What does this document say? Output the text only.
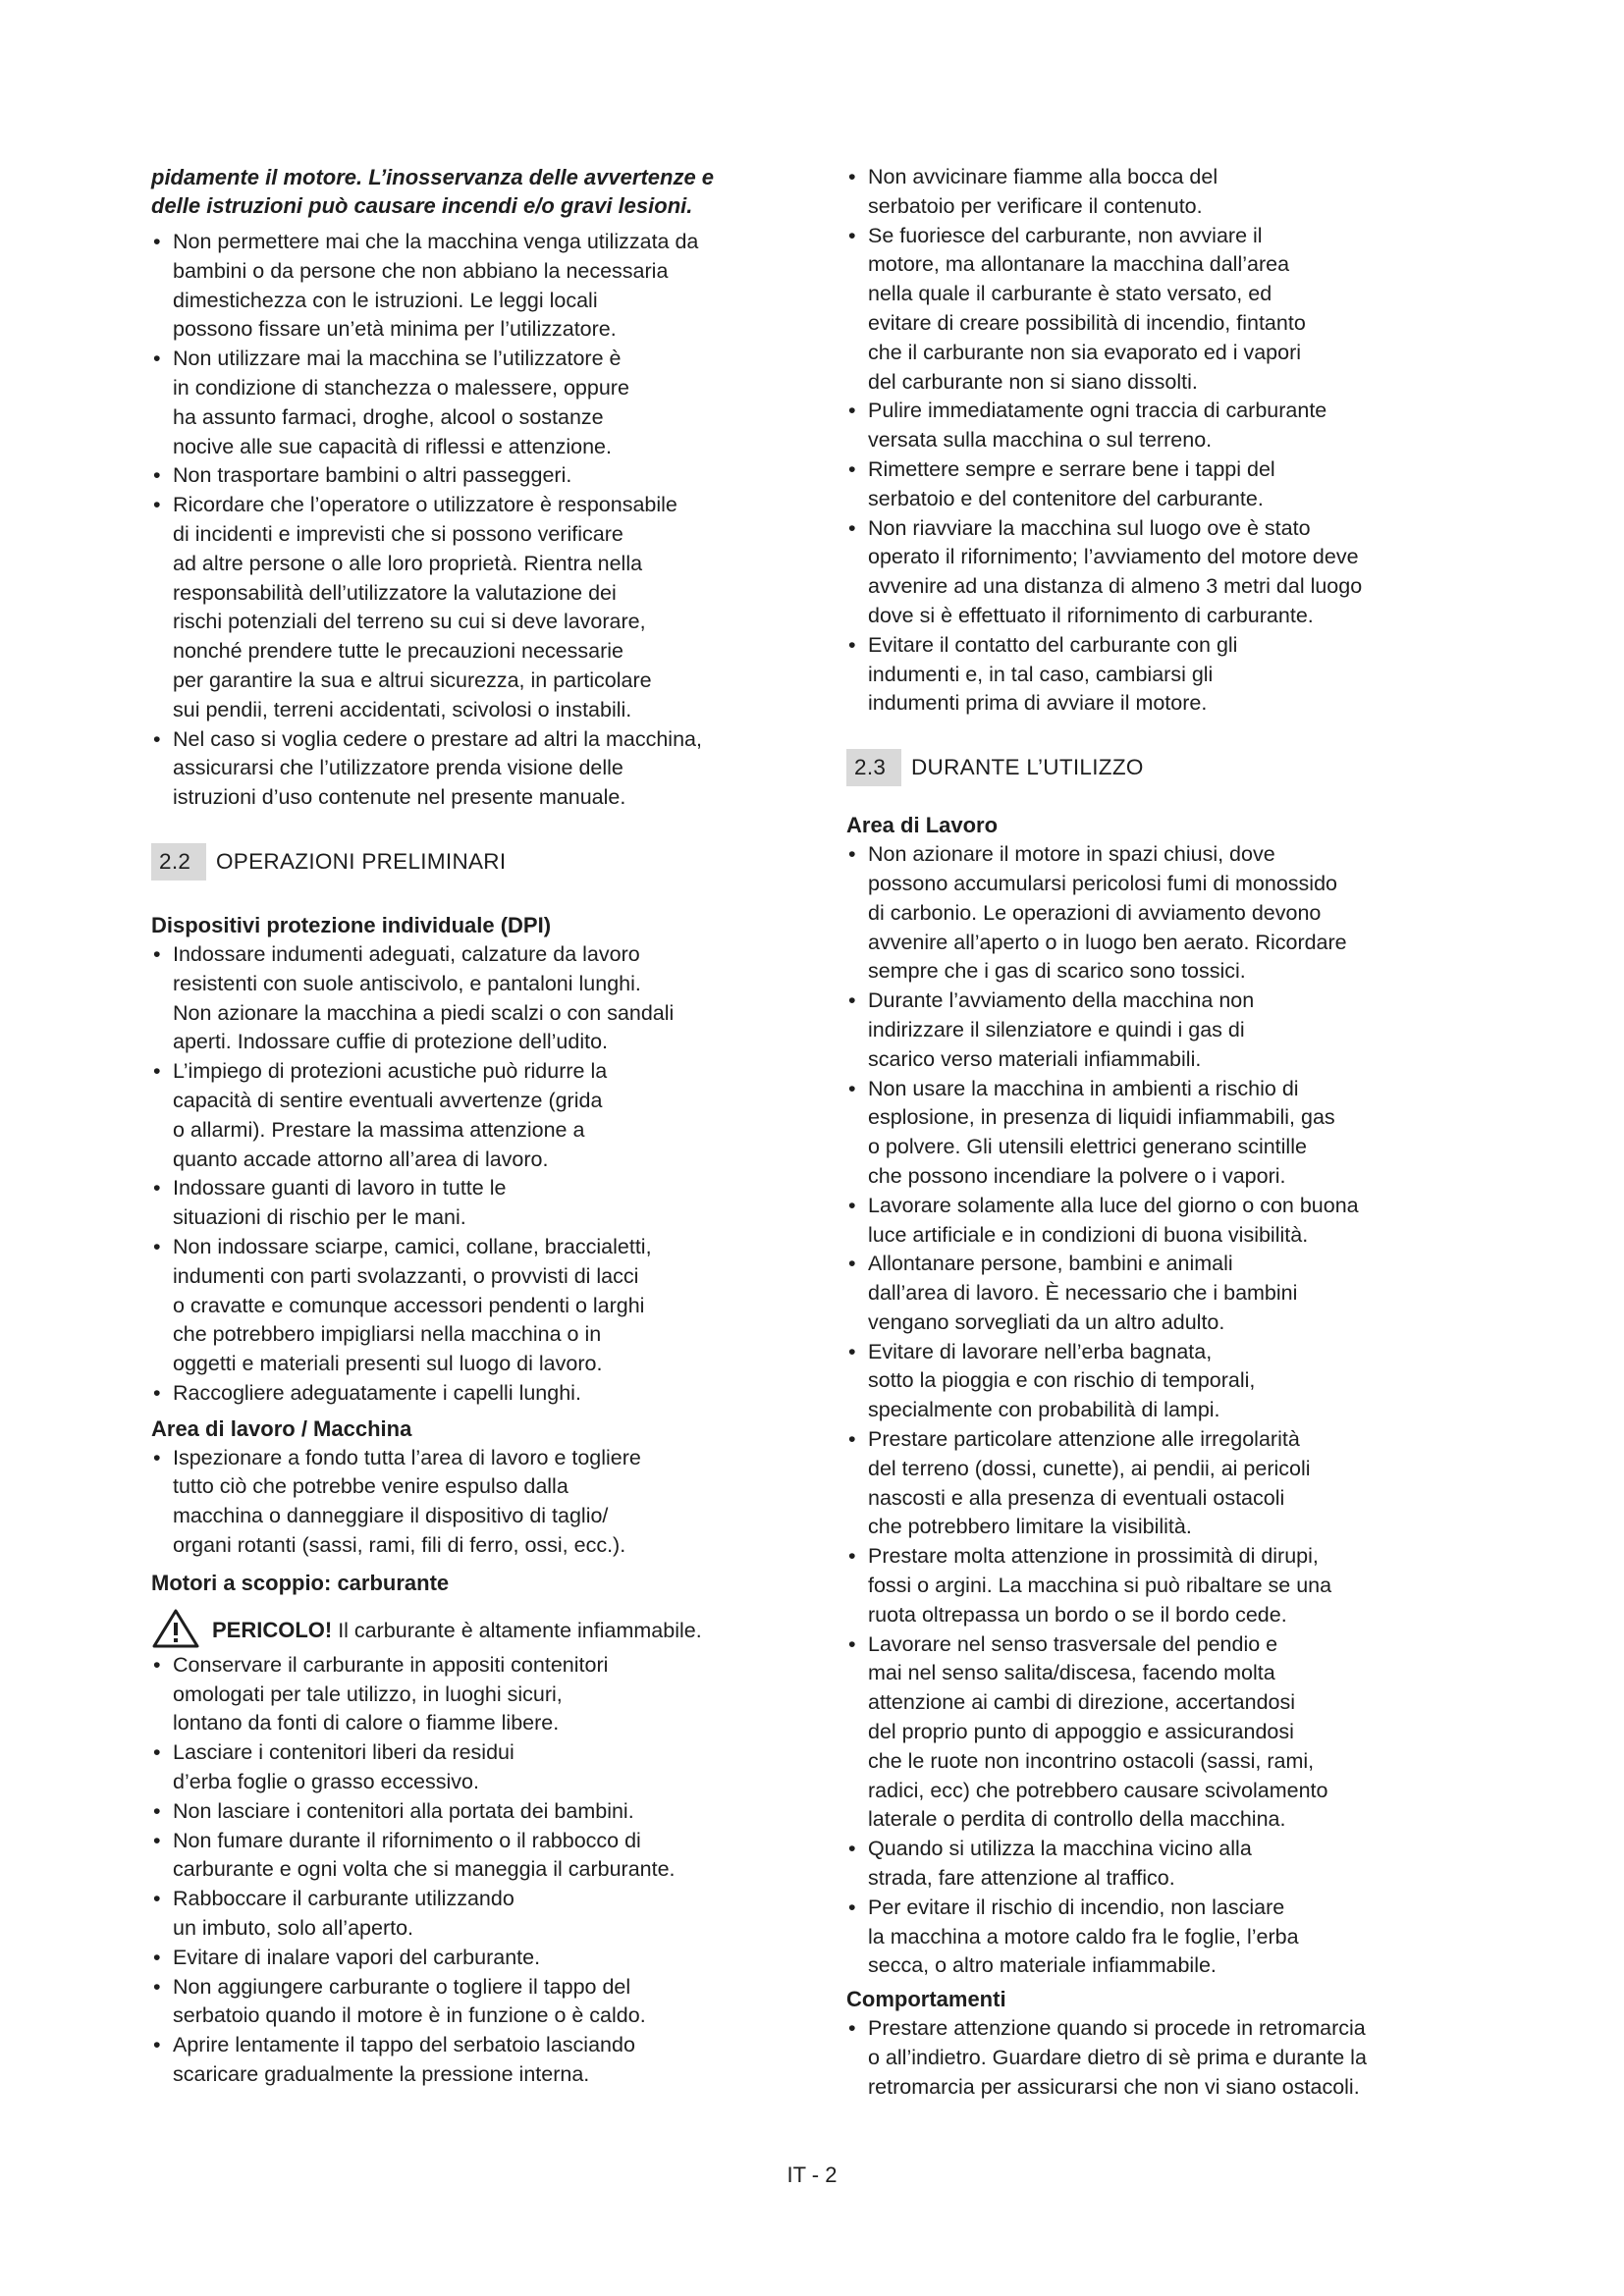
pidamente il motore. L’inosservanza delle avvertenze e
delle istruzioni può causare incendi e/o gravi lesioni.

• Non permettere mai che la macchina venga utilizzata da
bambini o da persone che non abbiano la necessaria
dimestichezza con le istruzioni. Le leggi locali
possono fissare un’età minima per l’utilizzatore.
• Non utilizzare mai la macchina se l’utilizzatore è
in condizione di stanchezza o malessere, oppure
ha assunto farmaci, droghe, alcool o sostanze
nocive alle sue capacità di riflessi e attenzione.
• Non trasportare bambini o altri passeggeri.
• Ricordare che l’operatore o utilizzatore è responsabile
di incidenti e imprevisti che si possono verificare
ad altre persone o alle loro proprietà. Rientra nella
responsabilità dell’utilizzatore la valutazione dei
rischi potenziali del terreno su cui si deve lavorare,
nonché prendere tutte le precauzioni necessarie
per garantire la sua e altrui sicurezza, in particolare
sui pendii, terreni accidentati, scivolosi o instabili.
• Nel caso si voglia cedere o prestare ad altri la macchina,
assicurarsi che l’utilizzatore prenda visione delle
istruzioni d’uso contenute nel presente manuale.
2.2	OPERAZIONI PRELIMINARI

Dispositivi protezione individuale (DPI)

• Indossare indumenti adeguati, calzature da lavoro
resistenti con suole antiscivolo, e pantaloni lunghi.
Non azionare la macchina a piedi scalzi o con sandali
aperti. Indossare cuffie di protezione dell’udito.
• L’impiego di protezioni acustiche può ridurre la
capacità di sentire eventuali avvertenze (grida
o allarmi). Prestare la massima attenzione a
quanto accade attorno all’area di lavoro.
• Indossare guanti di lavoro in tutte le
situazioni di rischio per le mani.
• Non indossare sciarpe, camici, collane, braccialetti,
indumenti con parti svolazzanti, o provvisti di lacci
o cravatte e comunque accessori pendenti o larghi
che potrebbero impigliarsi nella macchina o in
oggetti e materiali presenti sul luogo di lavoro.
• Raccogliere adeguatamente i capelli lunghi.

Area di lavoro / Macchina

• Ispezionare a fondo tutta l’area di lavoro e togliere
tutto ciò che potrebbe venire espulso dalla
macchina o danneggiare il dispositivo di taglio/
organi rotanti (sassi, rami, fili di ferro, ossi, ecc.).

Motori a scoppio: carburante

PERICOLO! Il carburante è altamente infiammabile.
• Conservare il carburante in appositi contenitori
omologati per tale utilizzo, in luoghi sicuri,
lontano da fonti di calore o fiamme libere.
• Lasciare i contenitori liberi da residui
d’erba foglie o grasso eccessivo.
• Non lasciare i contenitori alla portata dei bambini.
• Non fumare durante il rifornimento o il rabbocco di
carburante e ogni volta che si maneggia il carburante.
• Rabboccare il carburante utilizzando
un imbuto, solo all’aperto.
• Evitare di inalare vapori del carburante.
• Non aggiungere carburante o togliere il tappo del
serbatoio quando il motore è in funzione o è caldo.
• Aprire lentamente il tappo del serbatoio lasciando
scaricare gradualmente la pressione interna.
• Non avvicinare fiamme alla bocca del
serbatoio per verificare il contenuto.
• Se fuoriesce del carburante, non avviare il
motore, ma allontanare la macchina dall’area
nella quale il carburante è stato versato, ed
evitare di creare possibilità di incendio, fintanto
che il carburante non sia evaporato ed i vapori
del carburante non si siano dissolti.
• Pulire immediatamente ogni traccia di carburante
versata sulla macchina o sul terreno.
• Rimettere sempre e serrare bene i tappi del
serbatoio e del contenitore del carburante.
• Non riavviare la macchina sul luogo ove è stato
operato il rifornimento; l’avviamento del motore deve
avvenire ad una distanza di almeno 3 metri dal luogo
dove si è effettuato il rifornimento di carburante.
• Evitare il contatto del carburante con gli
indumenti e, in tal caso, cambiarsi gli
indumenti prima di avviare il motore.
2.3	DURANTE L’UTILIZZO

Area di Lavoro

• Non azionare il motore in spazi chiusi, dove
possono accumularsi pericolosi fumi di monossido
di carbonio. Le operazioni di avviamento devono
avvenire all’aperto o in luogo ben aerato. Ricordare
sempre che i gas di scarico sono tossici.
• Durante l’avviamento della macchina non
indirizzare il silenziatore e quindi i gas di
scarico verso materiali infiammabili.
• Non usare la macchina in ambienti a rischio di
esplosione, in presenza di liquidi infiammabili, gas
o polvere. Gli utensili elettrici generano scintille
che possono incendiare la polvere o i vapori.
• Lavorare solamente alla luce del giorno o con buona
luce artificiale e in condizioni di buona visibilità.
• Allontanare persone, bambini e animali
dall’area di lavoro. È necessario che i bambini
vengano sorvegliati da un altro adulto.
• Evitare di lavorare nell’erba bagnata,
sotto la pioggia e con rischio di temporali,
specialmente con probabilità di lampi.
• Prestare particolare attenzione alle irregolarità
del terreno (dossi, cunette), ai pendii, ai pericoli
nascosti e alla presenza di eventuali ostacoli
che potrebbero limitare la visibilità.
• Prestare molta attenzione in prossimità di dirupi,
fossi o argini. La macchina si può ribaltare se una
ruota oltrepassa un bordo o se il bordo cede.
• Lavorare nel senso trasversale del pendio e
mai nel senso salita/discesa, facendo molta
attenzione ai cambi di direzione, accertandosi
del proprio punto di appoggio e assicurandosi
che le ruote non incontrino ostacoli (sassi, rami,
radici, ecc) che potrebbero causare scivolamento
laterale o perdita di controllo della macchina.
• Quando si utilizza la macchina vicino alla
strada, fare attenzione al traffico.
• Per evitare il rischio di incendio, non lasciare
la macchina a motore caldo fra le foglie, l’erba
secca, o altro materiale infiammabile.

Comportamenti

• Prestare attenzione quando si procede in retromarcia
o all’indietro. Guardare dietro di sè prima e durante la
retromarcia per assicurarsi che non vi siano ostacoli.
IT - 2
